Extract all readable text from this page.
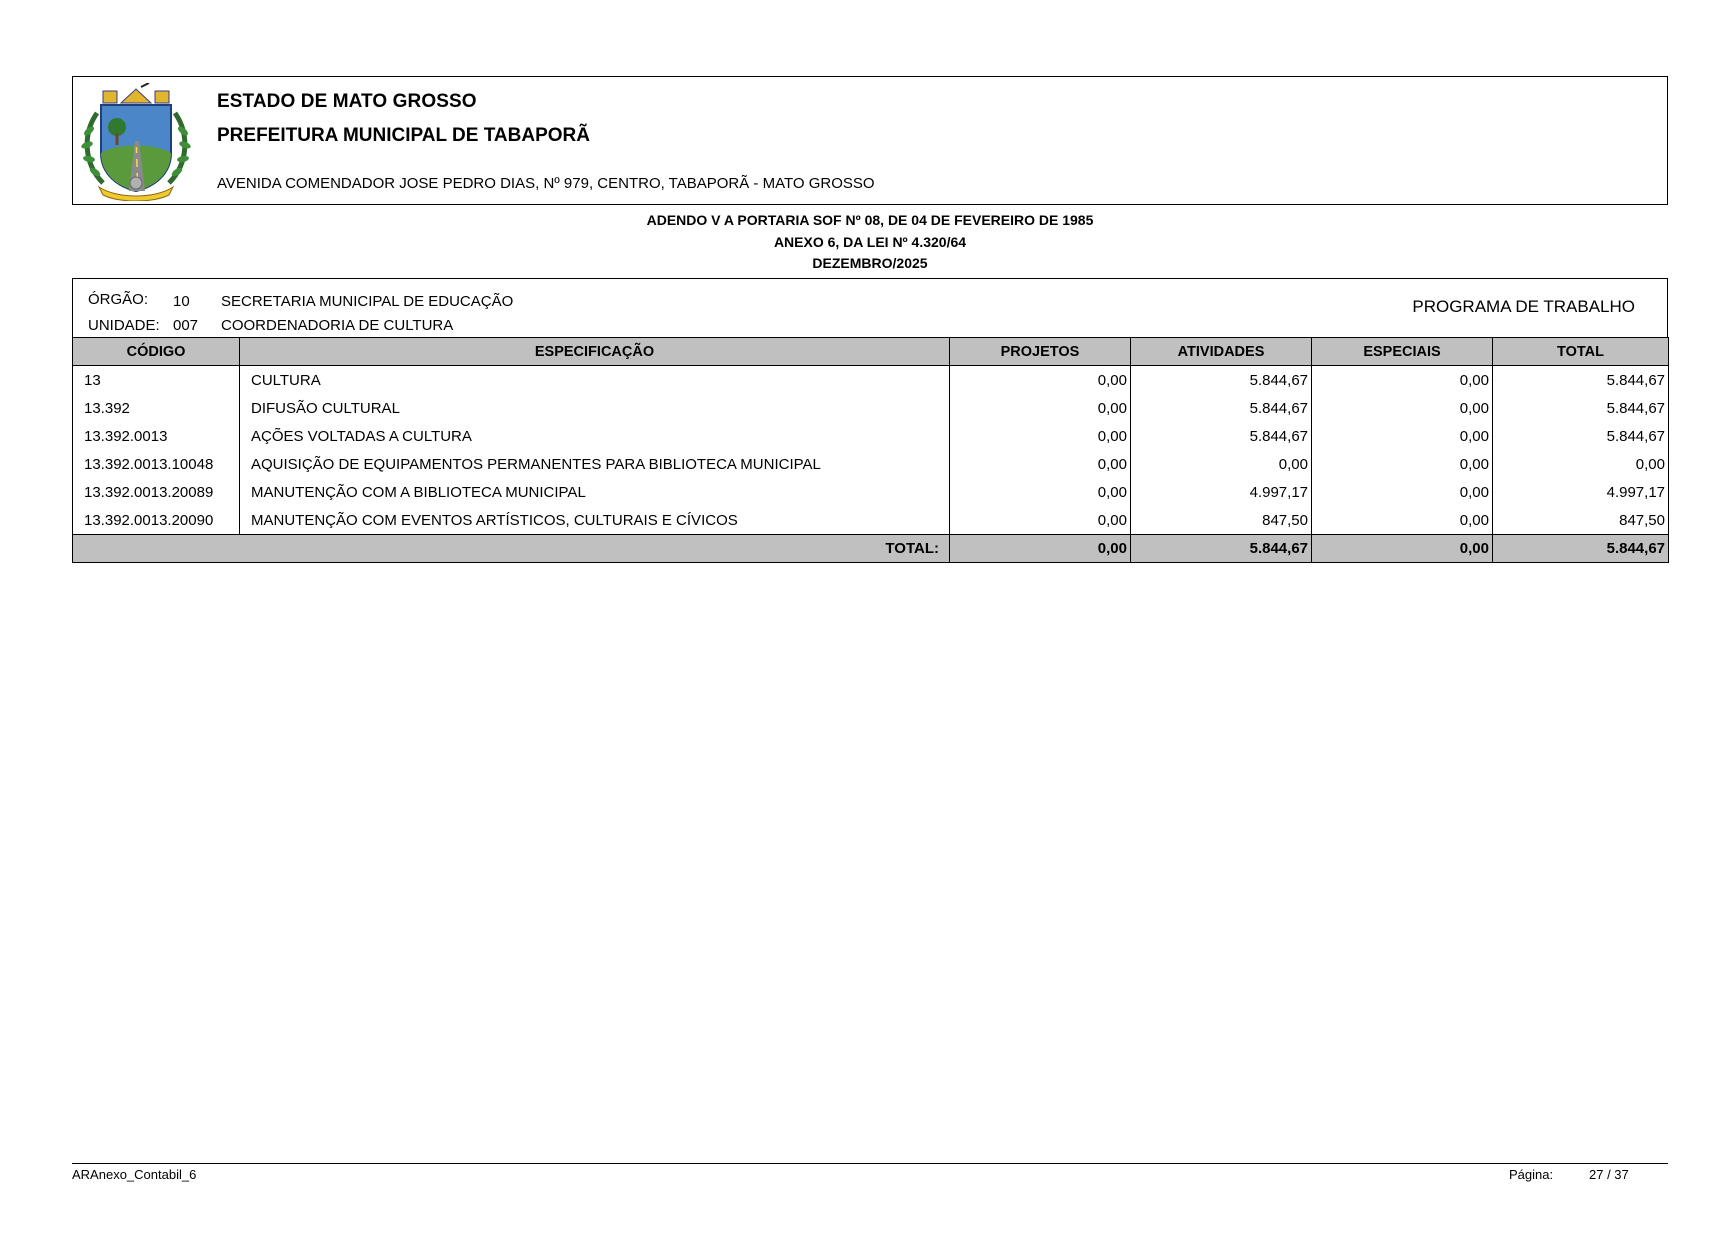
ESTADO DE MATO GROSSO
PREFEITURA MUNICIPAL DE TABAPORÃ
AVENIDA COMENDADOR JOSE PEDRO DIAS, Nº 979, CENTRO, TABAPORÃ - MATO GROSSO
ADENDO V A PORTARIA SOF Nº 08, DE 04 DE FEVEREIRO DE 1985
ANEXO 6, DA LEI Nº 4.320/64
DEZEMBRO/2025
ÓRGÃO: 10 SECRETARIA MUNICIPAL DE EDUCAÇÃO
UNIDADE: 007 COORDENADORIA DE CULTURA
PROGRAMA DE TRABALHO
CÓDIGO	ESPECIFICAÇÃO	PROJETOS	ATIVIDADES	ESPECIAIS	TOTAL
13	CULTURA	0,00	5.844,67	0,00	5.844,67
13.392	DIFUSÃO CULTURAL	0,00	5.844,67	0,00	5.844,67
13.392.0013	AÇÕES VOLTADAS A CULTURA	0,00	5.844,67	0,00	5.844,67
13.392.0013.10048	AQUISIÇÃO DE EQUIPAMENTOS PERMANENTES PARA BIBLIOTECA MUNICIPAL	0,00	0,00	0,00	0,00
13.392.0013.20089	MANUTENÇÃO COM A BIBLIOTECA MUNICIPAL	0,00	4.997,17	0,00	4.997,17
13.392.0013.20090	MANUTENÇÃO COM EVENTOS ARTÍSTICOS, CULTURAIS E CÍVICOS	0,00	847,50	0,00	847,50
TOTAL:		0,00	5.844,67	0,00	5.844,67
ARAnexo_Contabil_6	Página:	27 / 37
